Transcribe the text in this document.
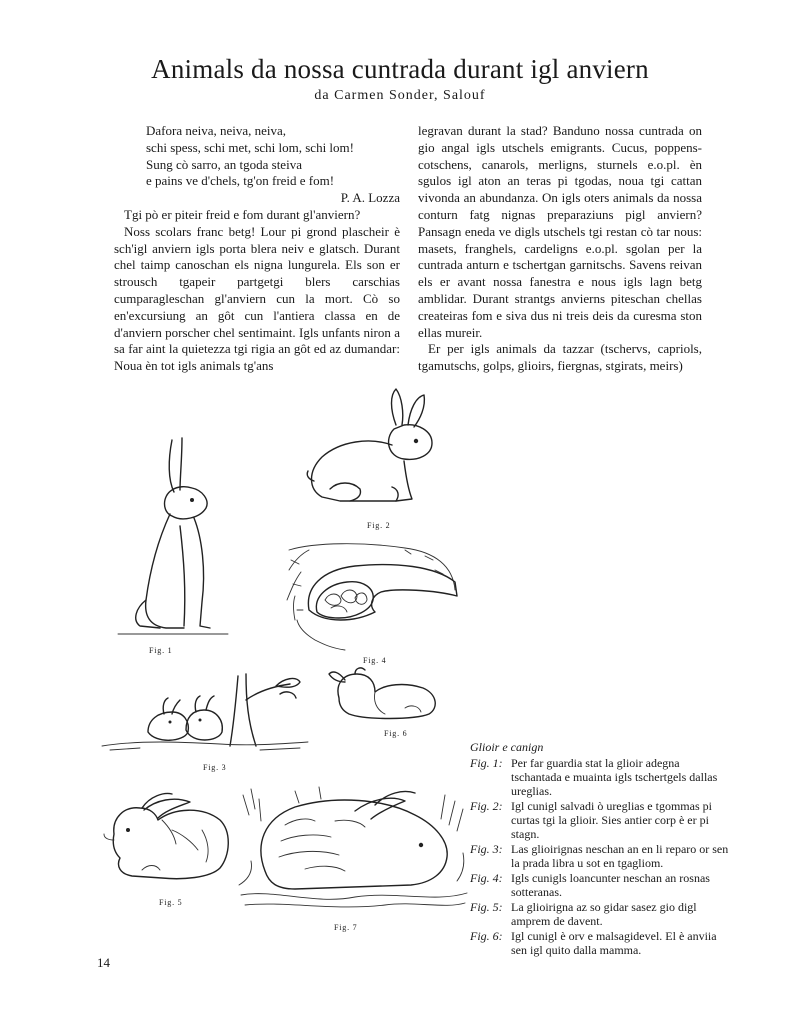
Animals da nossa cuntrada durant igl anviern
da Carmen Sonder, Salouf
Dafora neiva, neiva, neiva,
schi spess, schi met, schi lom, schi lom!
Sung cò sarro, an tgoda steiva
e pains ve d'chels, tg'on freid e fom!
P. A. Lozza

Tgi pò er piteir freid e fom durant gl'anviern?

Noss scolars franc betg! Lour pi grond plascheir è sch'igl anviern igls porta blera neiv e glatsch. Durant chel taimp canoschan els nigna lungurela. Els son er strousch tgapeir partgetgi blers carschias cumparagleschan gl'anviern cun la mort. Cò so en'excursiung an gôt cun l'antiera classa en de d'anviern porscher chel sentimaint. Igls unfants niron a sa far aint la quietezza tgi rigia an gôt ed az dumandar: Noua èn tot igls animals tg'ans

legravan durant la stad? Banduno nossa cuntrada on gio angal igls utschels emigrants. Cucus, poppens-cotschens, canarols, merligns, sturnels e.o.pl. èn sgulos igl aton an teras pi tgodas, noua tgi cattan vivonda an abundanza. On igls oters animals da nossa conturn fatg nignas preparaziuns pigl anviern? Pansagn eneda ve digls utschels tgi restan cò tar nous: masets, franghels, cardeligns e.o.pl. sgolan per la cuntrada anturn e tschertgan garnitschs. Savens reivan els er avant nossa fanestra e nous igls lagn betg amblidar. Durant strantgs anvierns piteschan chellas createiras fom e siva dus ni treis deis da curesma ston ellas mureir.

Er per igls animals da tazzar (tschervs, capriols, tgamutschs, golps, glioirs, fiergnas, stgirats, meirs)

Fig. 1
Fig. 2
Fig. 4
Fig. 3
Fig. 6
Fig. 5
Fig. 7
Glioir e canign
Fig. 1: Per far guardia stat la glioir adegna tschantada e muainta igls tschertgels dallas ureglias.
Fig. 2: Igl cunigl salvadi ò ureglias e tgommas pi curtas tgi la glioir. Sies antier corp è er pi stagn.
Fig. 3: Las glioirignas neschan an en li reparo or sen la prada libra u sot en tgagliom.
Fig. 4: Igls cunigls loancunter neschan an rosnas sotteranas.
Fig. 5: La glioirigna az so gidar sasez gio digl amprem de davent.
Fig. 6: Igl cunigl è orv e malsagidevel. El è anviia sen igl quito dalla mamma.
14
